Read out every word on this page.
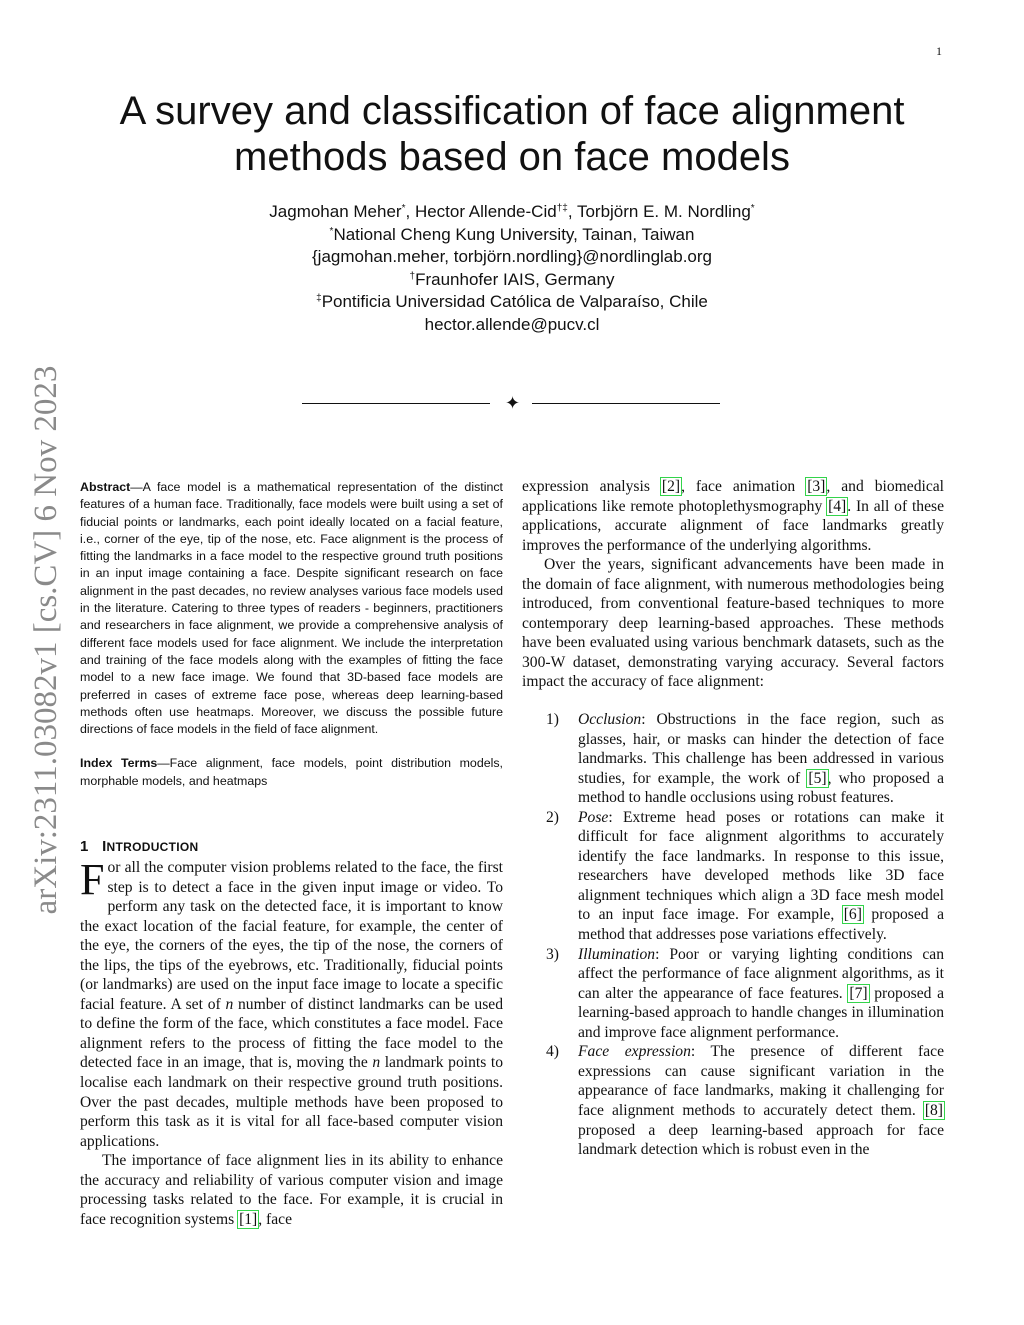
1
A survey and classification of face alignment
methods based on face models
Jagmohan Meher*, Hector Allende-Cid†‡, Torbjörn E. M. Nordling*
*National Cheng Kung University, Tainan, Taiwan
{jagmohan.meher, torbjörn.nordling}@nordlinglab.org
†Fraunhofer IAIS, Germany
‡Pontificia Universidad Católica de Valparaíso, Chile
hector.allende@pucv.cl
✦
arXiv:2311.03082v1 [cs.CV] 6 Nov 2023 Abstract—A face model is a mathematical representation of the distinct features of a human face. Traditionally, face models were built using a set of fiducial points or landmarks, each point ideally located on a facial feature, i.e., corner of the eye, tip of the nose, etc. Face alignment is the process of fitting the landmarks in a face model to the respective ground truth positions in an input image containing a face. Despite significant research on face alignment in the past decades, no review analyses various face models used in the literature. Catering to three types of readers - beginners, practitioners and researchers in face alignment, we provide a comprehensive analysis of different face models used for face alignment. We include the interpretation and training of the face models along with the examples of fitting the face model to a new face image. We found that 3D-based face models are preferred in cases of extreme face pose, whereas deep learning-based methods often use heatmaps. Moreover, we discuss the possible future directions of face models in the field of face alignment.

Index Terms—Face alignment, face models, point distribution models, morphable models, and heatmaps

1 INTRODUCTION

For all the computer vision problems related to the face, the first step is to detect a face in the given input image or video. To perform any task on the detected face, it is important to know the exact location of the facial feature, for example, the center of the eye, the corners of the eyes, the tip of the nose, the corners of the lips, the tips of the eyebrows, etc. Traditionally, fiducial points (or landmarks) are used on the input face image to locate a specific facial feature. A set of n number of distinct landmarks can be used to define the form of the face, which constitutes a face model. Face alignment refers to the process of fitting the face model to the detected face in an image, that is, moving the n landmark points to localise each landmark on their respective ground truth positions. Over the past decades, multiple methods have been proposed to perform this task as it is vital for all face-based computer vision applications.

The importance of face alignment lies in its ability to enhance the accuracy and reliability of various computer vision and image processing tasks related to the face. For example, it is crucial in face recognition systems [1], face

expression analysis [2], face animation [3], and biomedical applications like remote photoplethysmography [4]. In all of these applications, accurate alignment of face landmarks greatly improves the performance of the underlying algorithms.

Over the years, significant advancements have been made in the domain of face alignment, with numerous methodologies being introduced, from conventional feature-based techniques to more contemporary deep learning-based approaches. These methods have been evaluated using various benchmark datasets, such as the 300-W dataset, demonstrating varying accuracy. Several factors impact the accuracy of face alignment:

1) Occlusion: Obstructions in the face region, such as glasses, hair, or masks can hinder the detection of face landmarks. This challenge has been addressed in various studies, for example, the work of [5], who proposed a method to handle occlusions using robust features.
2) Pose: Extreme head poses or rotations can make it difficult for face alignment algorithms to accurately identify the face landmarks. In response to this issue, researchers have developed methods like 3D face alignment techniques which align a 3D face mesh model to an input face image. For example, [6] proposed a method that addresses pose variations effectively.
3) Illumination: Poor or varying lighting conditions can affect the performance of face alignment algorithms, as it can alter the appearance of face features. [7] proposed a learning-based approach to handle changes in illumination and improve face alignment performance.
4) Face expression: The presence of different face expressions can cause significant variation in the appearance of face landmarks, making it challenging for face alignment methods to accurately detect them. [8] proposed a deep learning-based approach for face landmark detection which is robust even in the
